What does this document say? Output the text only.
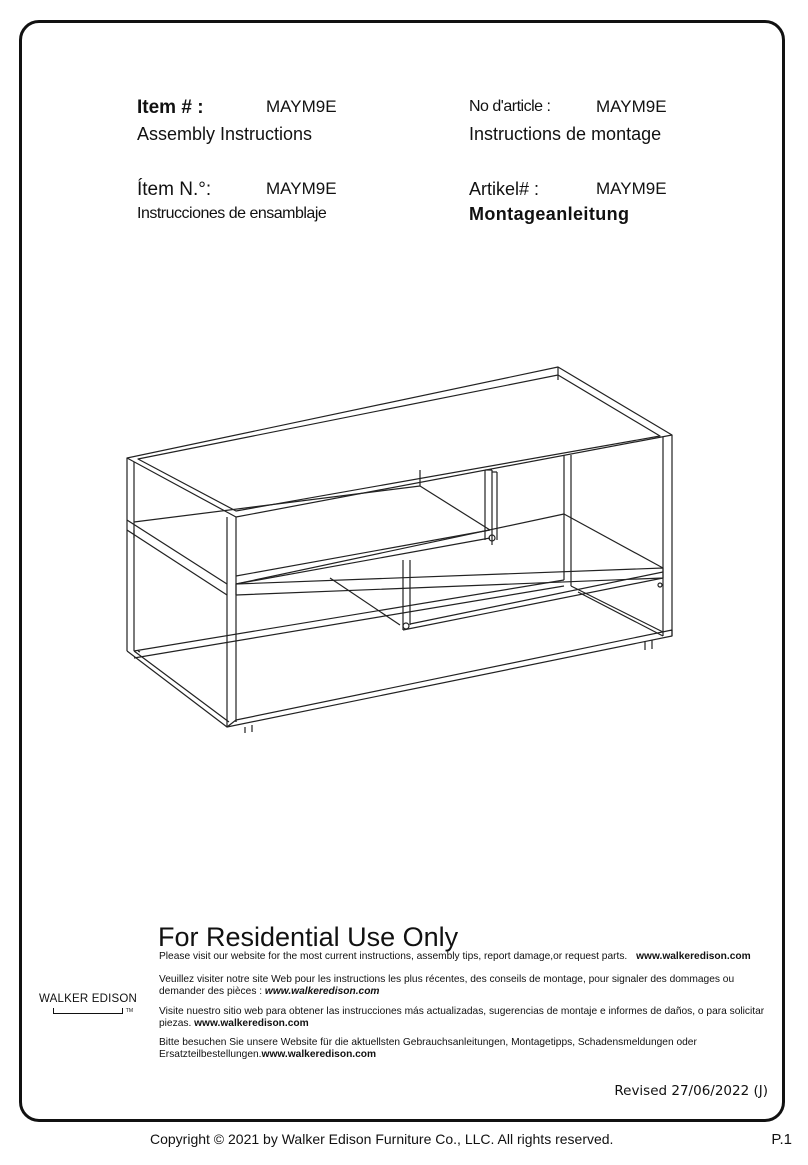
Item # :	MAYM9E
Assembly Instructions
No d'article :	MAYM9E
Instructions de montage
Ítem N.°:	MAYM9E
Instrucciones de ensamblaje
Artikel# :	MAYM9E
Montageanleitung
For Residential Use Only
Please visit our website for the most current instructions, assembly tips, report damage,or request parts. www.walkeredison.com
Veuillez visiter notre site Web pour les instructions les plus récentes, des conseils de montage, pour signaler des dommages ou demander des pièces : www.walkeredison.com
Visite nuestro sitio web para obtener las instrucciones más actualizadas, sugerencias de montaje e informes de daños, o para solicitar piezas. www.walkeredison.com
Bitte besuchen Sie unsere Website für die aktuellsten Gebrauchsanleitungen, Montagetipps, Schadensmeldungen oder Ersatzteilbestellungen.www.walkeredison.com
WALKER EDISON
TM
Revised 27/06/2022 (J)
Copyright © 2021 by Walker Edison Furniture Co., LLC. All rights reserved.	P.1
